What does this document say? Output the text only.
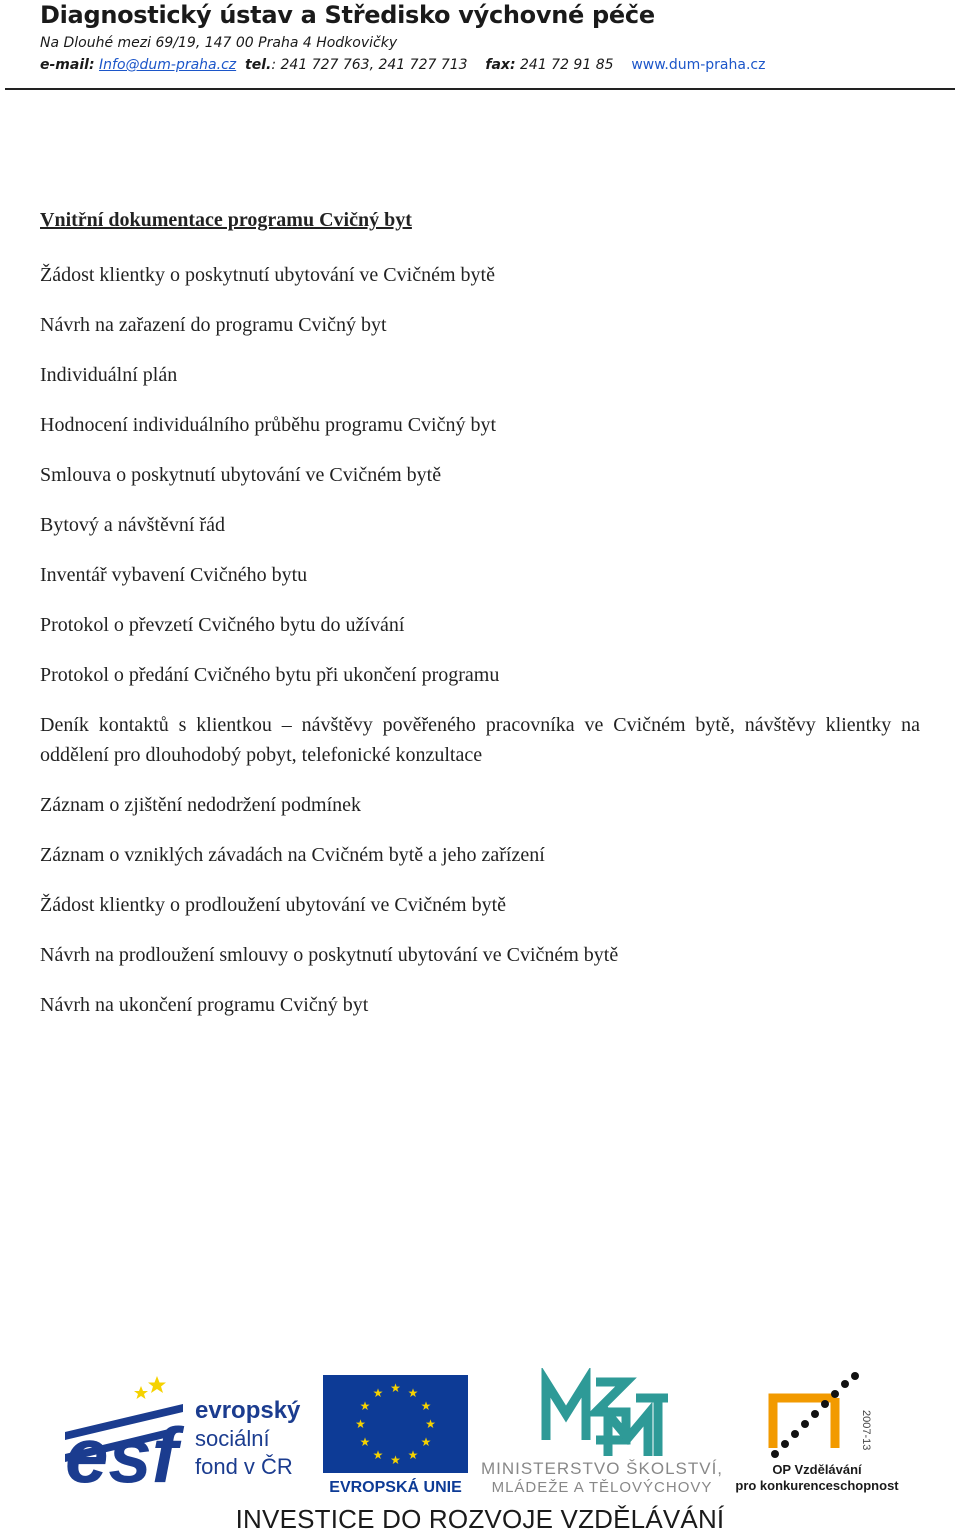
Diagnostický ústav a Středisko výchovné péče
Na Dlouhé mezi 69/19, 147 00 Praha 4 Hodkovičky
e-mail: Info@dum-praha.cz tel.: 241 727 763, 241 727 713 fax: 241 72 91 85 www.dum-praha.cz
Vnitřní dokumentace programu Cvičný byt
Žádost klientky o poskytnutí ubytování ve Cvičném bytě
Návrh na zařazení do programu Cvičný byt
Individuální plán
Hodnocení individuálního průběhu programu Cvičný byt
Smlouva o poskytnutí ubytování ve Cvičném bytě
Bytový a návštěvní řád
Inventář vybavení Cvičného bytu
Protokol o převzetí Cvičného bytu do užívání
Protokol o předání Cvičného bytu při ukončení programu
Deník kontaktů s klientkou – návštěvy pověřeného pracovníka ve Cvičném bytě, návštěvy klientky na oddělení pro dlouhodobý pobyt, telefonické konzultace
Záznam o zjištění nedodržení podmínek
Záznam o vzniklých závadách na Cvičném bytě a jeho zařízení
Žádost klientky o prodloužení ubytování ve Cvičném bytě
Návrh na prodloužení smlouvy o poskytnutí ubytování ve Cvičném bytě
Návrh na ukončení programu Cvičný byt
esf
evropský
sociální
fond v ČR
★ ★
★
★
★
★
★
★
★
★
★
★
EVROPSKÁ UNIE
MINISTERSTVO ŠKOLSTVÍ,
MLÁDEŽE A TĚLOVÝCHOVY
2007-13
OP Vzdělávání
pro konkurenceschopnost
INVESTICE DO ROZVOJE VZDĚLÁVÁNÍ
